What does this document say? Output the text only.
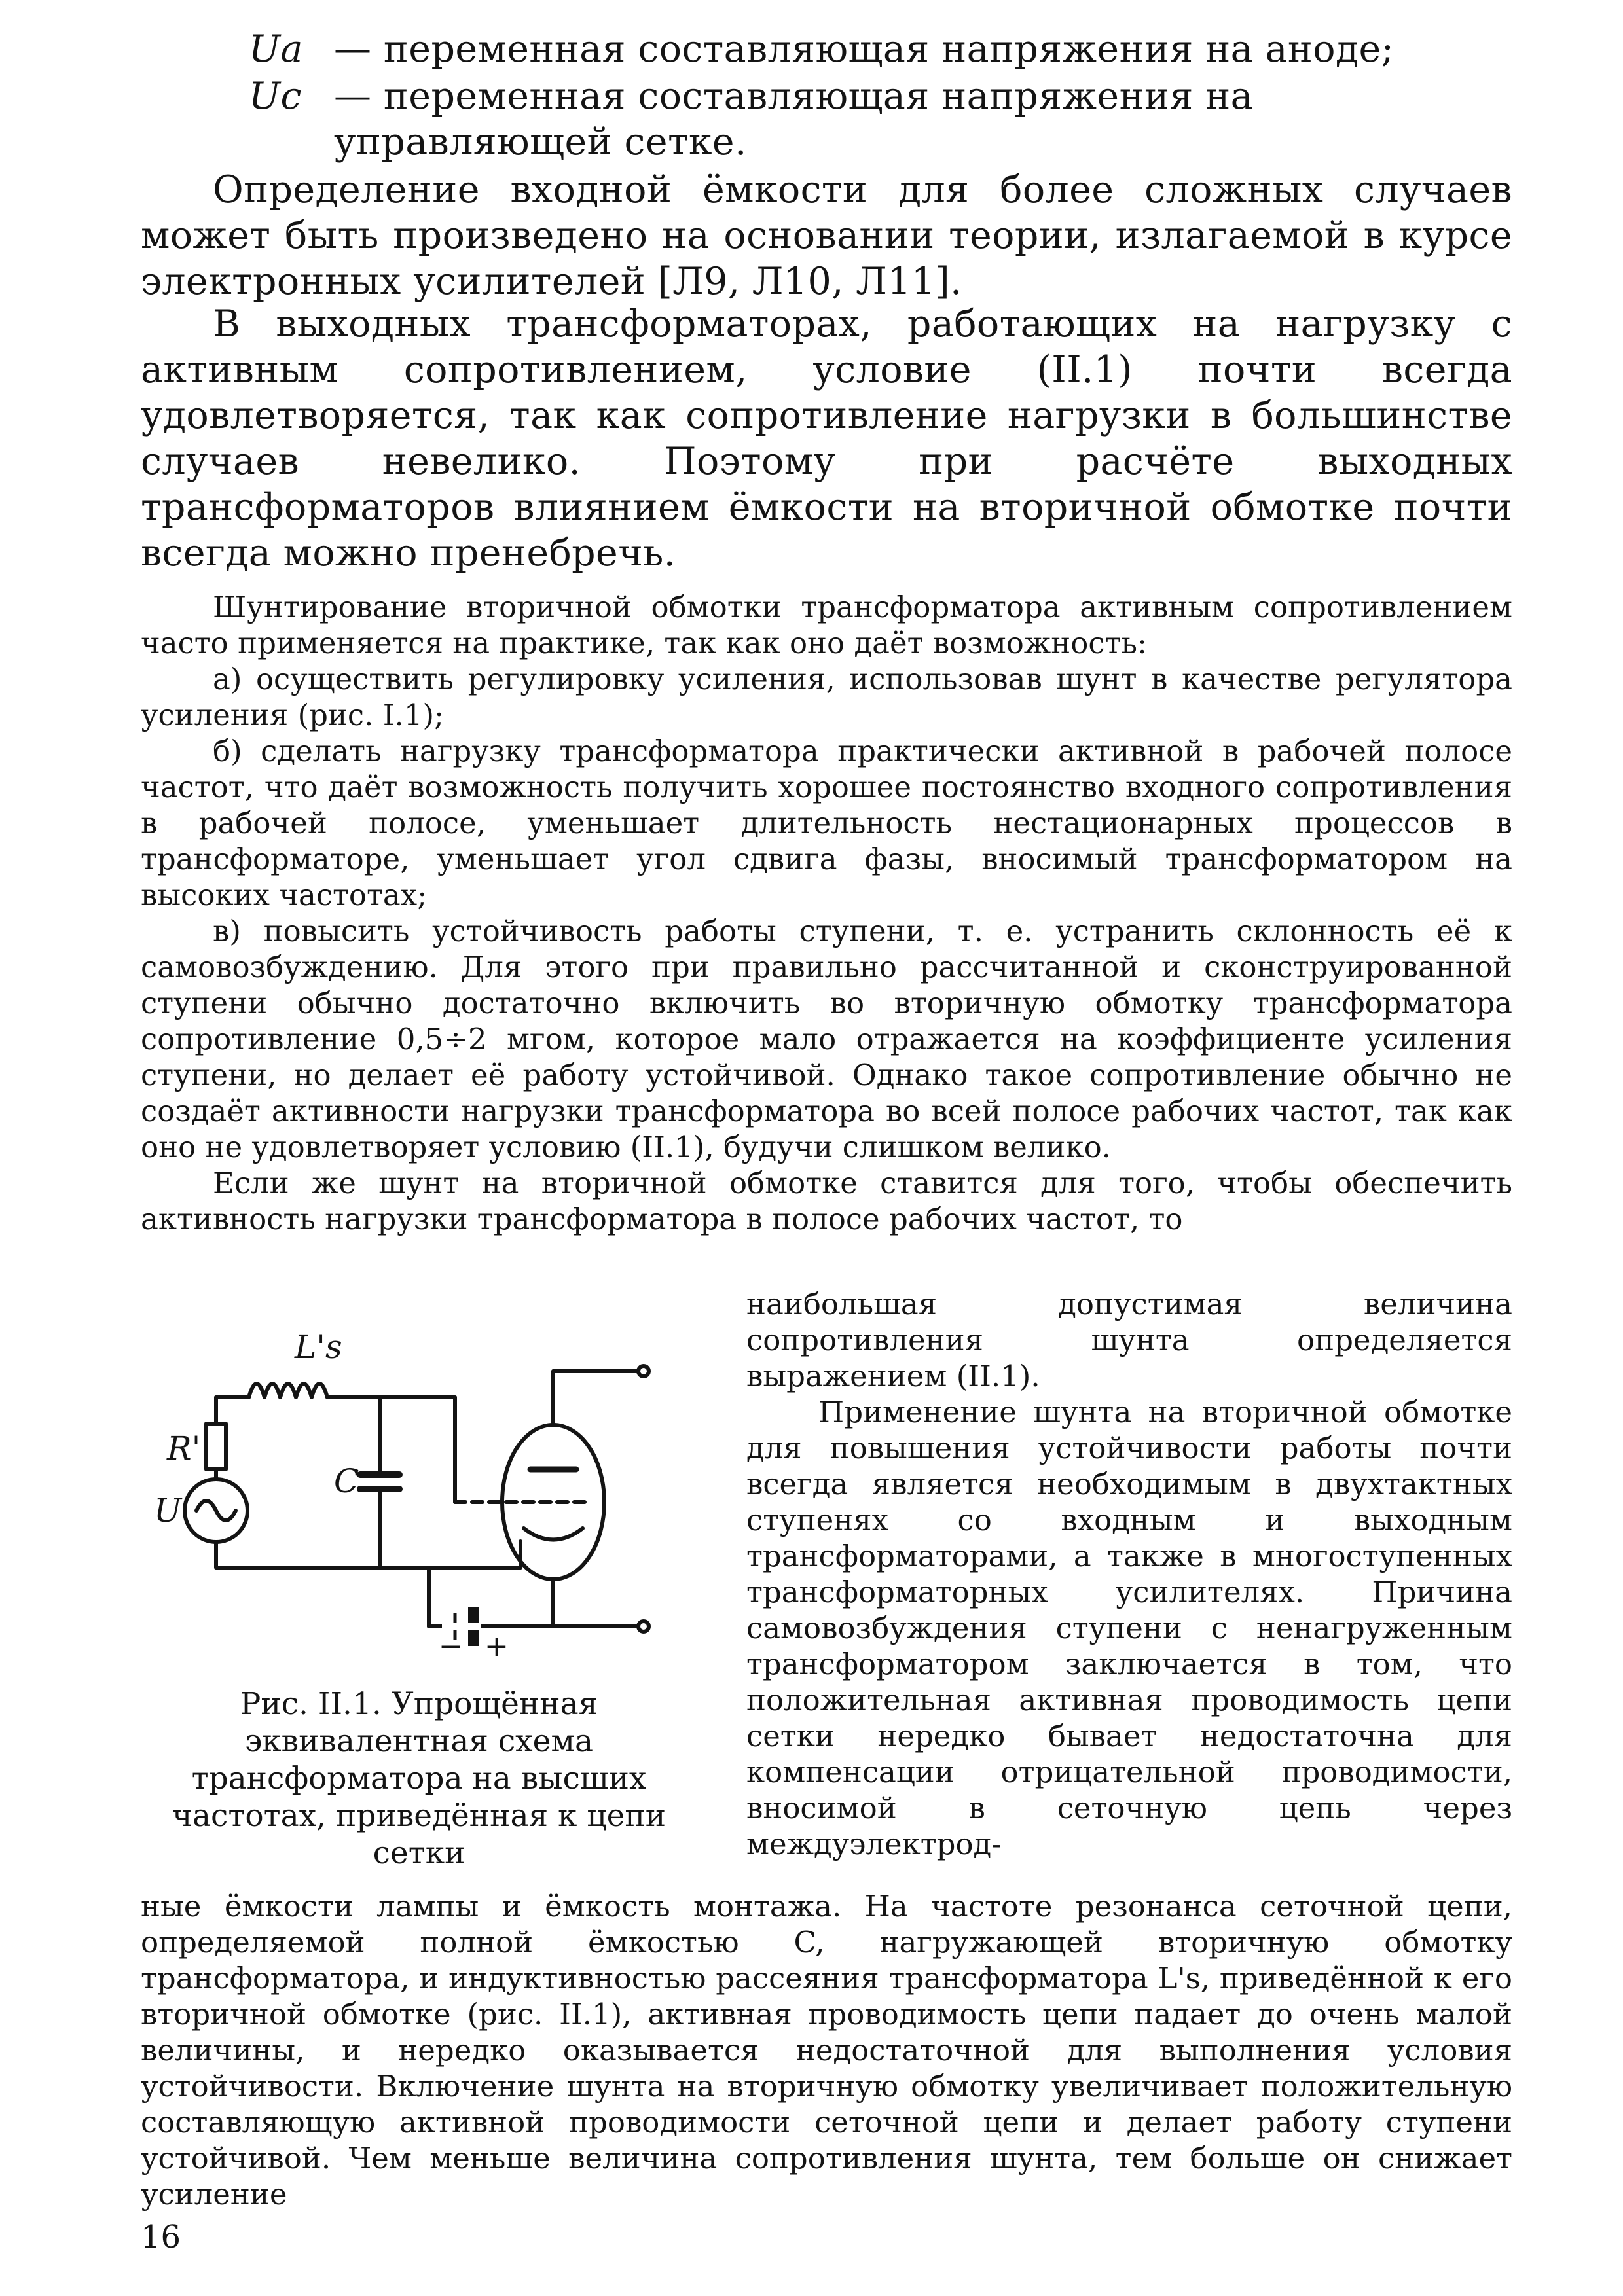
Ua — переменная составляющая напряжения на аноде;
Uc — переменная составляющая напряжения на управляющей сетке.

Определение входной ёмкости для более сложных случаев может быть произведено на основании теории, излагаемой в курсе электронных усилителей [Л9, Л10, Л11].

В выходных трансформаторах, работающих на нагрузку с активным сопротивлением, условие (II.1) почти всегда удовлетворяется, так как сопротивление нагрузки в большинстве случаев невелико. Поэтому при расчёте выходных трансформаторов влиянием ёмкости на вторичной обмотке почти всегда можно пренебречь.

Шунтирование вторичной обмотки трансформатора активным сопротивлением часто применяется на практике, так как оно даёт возможность:

а) осуществить регулировку усиления, использовав шунт в качестве регулятора усиления (рис. I.1);

б) сделать нагрузку трансформатора практически активной в рабочей полосе частот, что даёт возможность получить хорошее постоянство входного сопротивления в рабочей полосе, уменьшает длительность нестационарных процессов в трансформаторе, уменьшает угол сдвига фазы, вносимый трансформатором на высоких частотах;

в) повысить устойчивость работы ступени, т. е. устранить склонность её к самовозбуждению. Для этого при правильно рассчитанной и сконструированной ступени обычно достаточно включить во вторичную обмотку трансформатора сопротивление 0,5÷2 мгом, которое мало отражается на коэффициенте усиления ступени, но делает её работу устойчивой. Однако такое сопротивление обычно не создаёт активности нагрузки трансформатора во всей полосе рабочих частот, так как оно не удовлетворяет условию (II.1), будучи слишком велико.

Если же шунт на вторичной обмотке ставится для того, чтобы обеспечить активность нагрузки трансформатора в полосе рабочих частот, то

наибольшая допустимая величина сопротивления шунта определяется выражением (II.1).

Применение шунта на вторичной обмотке для повышения устойчивости работы почти всегда является необходимым в двухтактных ступенях со входным и выходным трансформаторами, а также в многоступенных трансформаторных усилителях. Причина самовозбуждения ступени с ненагруженным трансформатором заключается в том, что положительная активная проводимость цепи сетки нередко бывает недостаточна для компенсации отрицательной проводимости, вносимой в сеточную цепь через междуэлектрод-

L's
R'
C
U'
− +
Рис. II.1. Упрощённая эквивалентная схема трансформатора на высших частотах, приведённая к цепи сетки

ные ёмкости лампы и ёмкость монтажа. На частоте резонанса сеточной цепи, определяемой полной ёмкостью C, нагружающей вторичную обмотку трансформатора, и индуктивностью рассеяния трансформатора L's, приведённой к его вторичной обмотке (рис. II.1), активная проводимость цепи падает до очень малой величины, и нередко оказывается недостаточной для выполнения условия устойчивости. Включение шунта на вторичную обмотку увеличивает положительную составляющую активной проводимости сеточной цепи и делает работу ступени устойчивой. Чем меньше величина сопротивления шунта, тем больше он снижает усиление

16
